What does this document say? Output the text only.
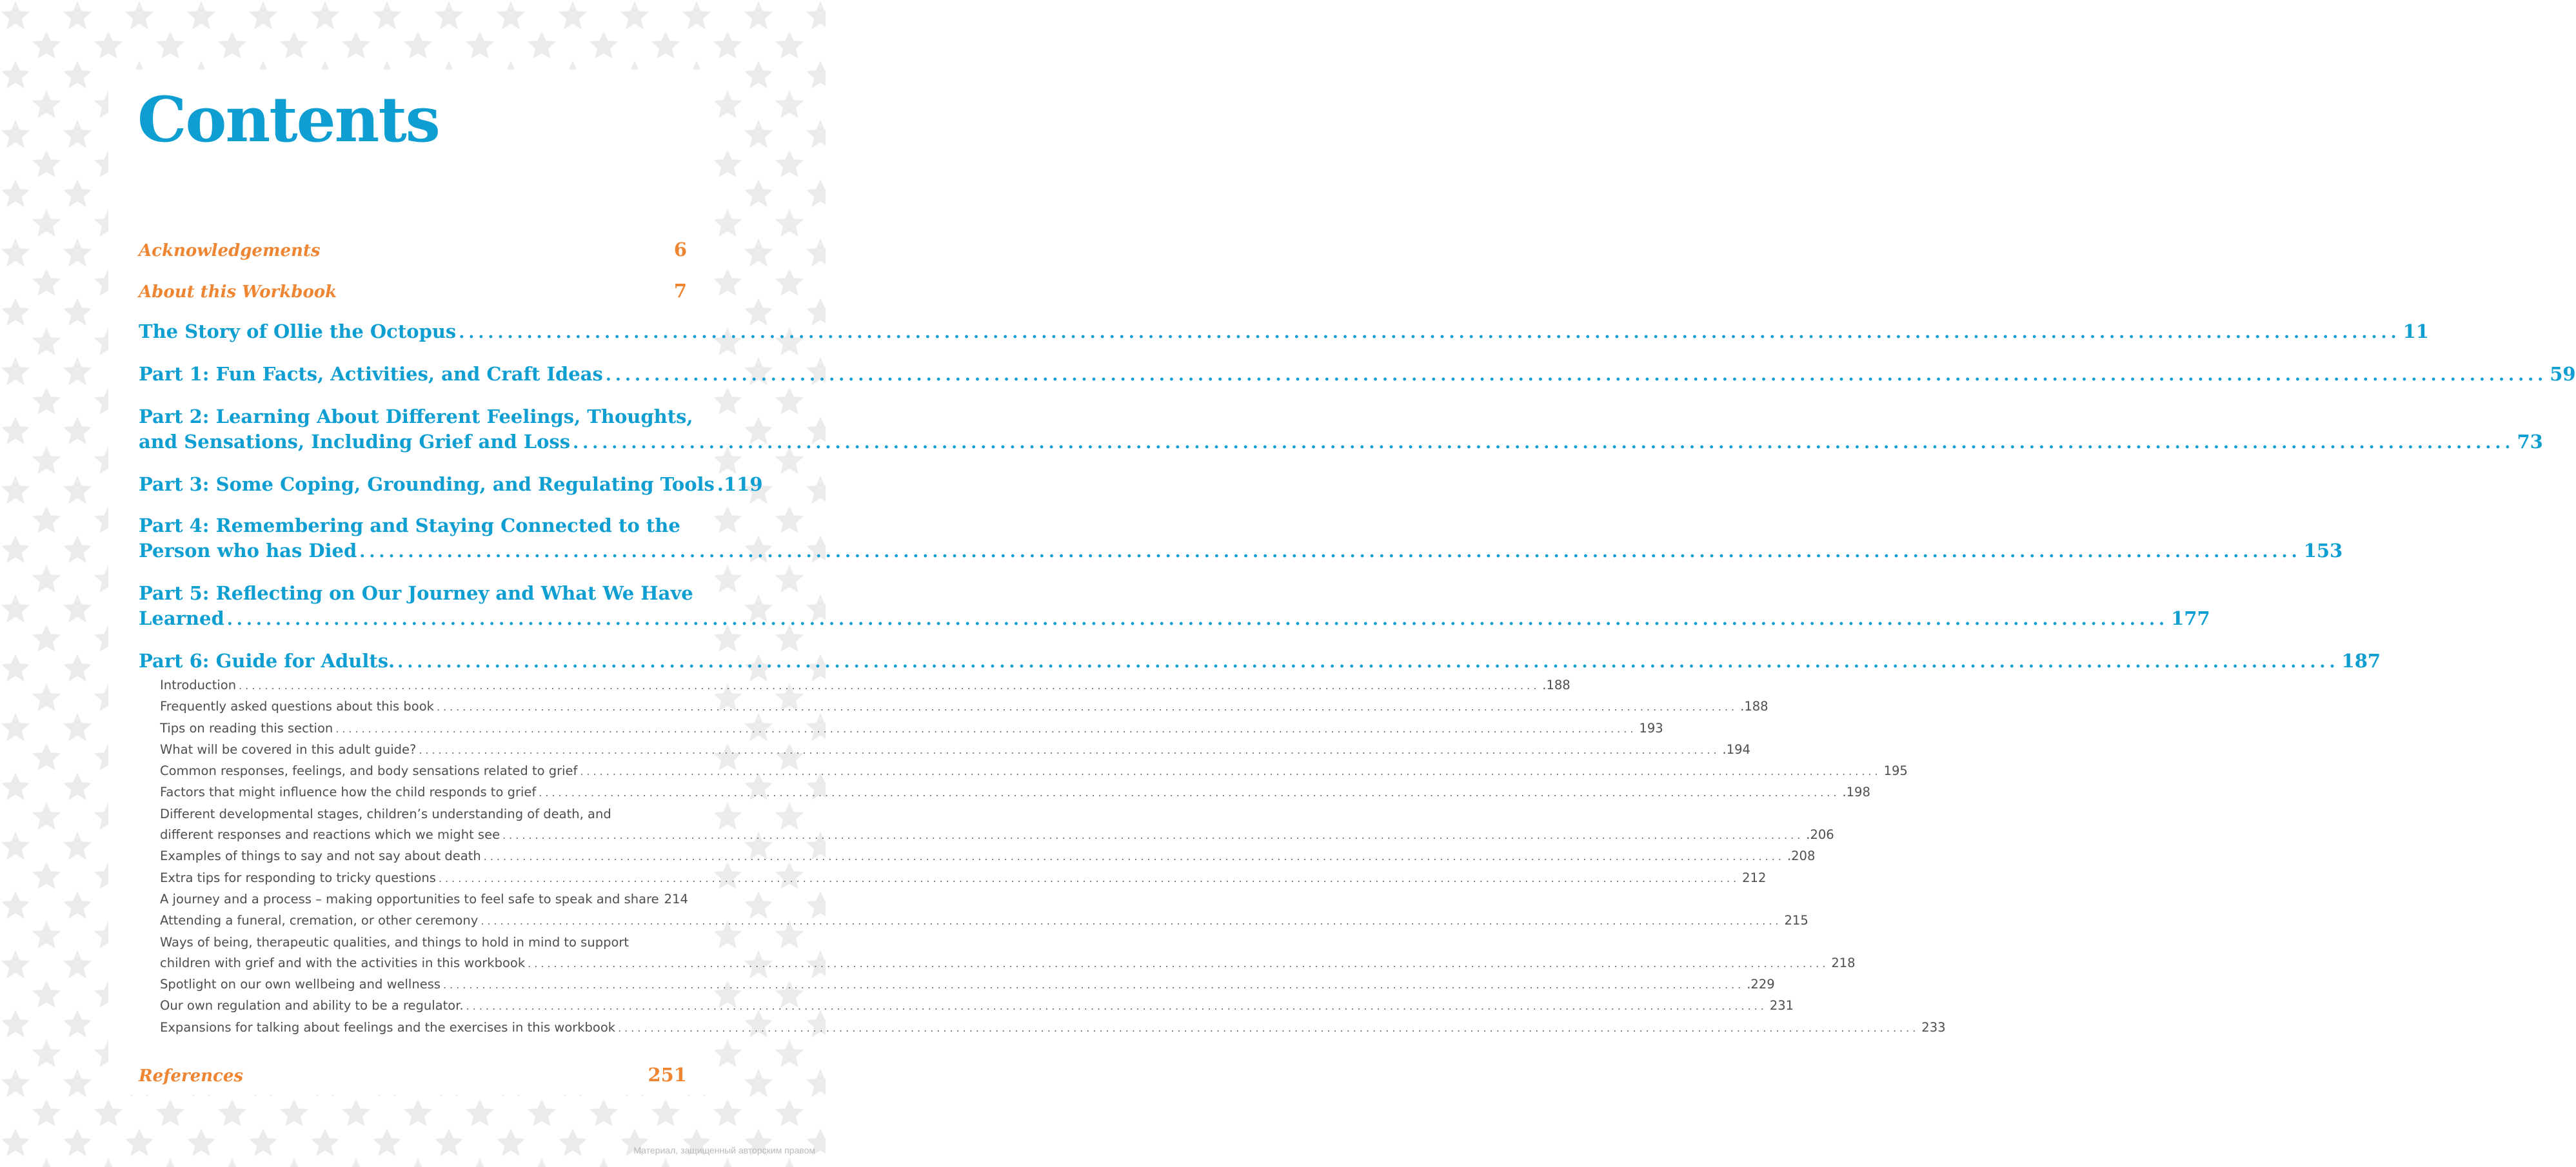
Contents
Acknowledgements	6
About this Workbook	7
The Story of Ollie the Octopus ........................................................................................................................................................................................................ 11
Part 1: Fun Facts, Activities, and Craft Ideas ........................................................................................................................................................................................................ 59
Part 2: Learning About Different Feelings, Thoughts,
and Sensations, Including Grief and Loss ........................................................................................................................................................................................................ 73
Part 3: Some Coping, Grounding, and Regulating Tools .119
Part 4: Remembering and Staying Connected to the
Person who has Died ........................................................................................................................................................................................................ 153
Part 5: Reflecting on Our Journey and What We Have
Learned ........................................................................................................................................................................................................ 177
Part 6: Guide for Adults. ........................................................................................................................................................................................................ 187
Introduction ........................................................................................................................................................................................................ .188
Frequently asked questions about this book ........................................................................................................................................................................................................ .188
Tips on reading this section ........................................................................................................................................................................................................ 193
What will be covered in this adult guide? ........................................................................................................................................................................................................ .194
Common responses, feelings, and body sensations related to grief ........................................................................................................................................................................................................ 195
Factors that might influence how the child responds to grief ........................................................................................................................................................................................................ .198
Different developmental stages, children’s understanding of death, and
different responses and reactions which we might see ........................................................................................................................................................................................................ .206
Examples of things to say and not say about death ........................................................................................................................................................................................................ .208
Extra tips for responding to tricky questions ........................................................................................................................................................................................................ 212
A journey and a process – making opportunities to feel safe to speak and share 214
Attending a funeral, cremation, or other ceremony ........................................................................................................................................................................................................ 215
Ways of being, therapeutic qualities, and things to hold in mind to support
children with grief and with the activities in this workbook ........................................................................................................................................................................................................ 218
Spotlight on our own wellbeing and wellness ........................................................................................................................................................................................................ .229
Our own regulation and ability to be a regulator. ........................................................................................................................................................................................................ 231
Expansions for talking about feelings and the exercises in this workbook ........................................................................................................................................................................................................ 233
References	251
Материал, защищенный авторским правом
